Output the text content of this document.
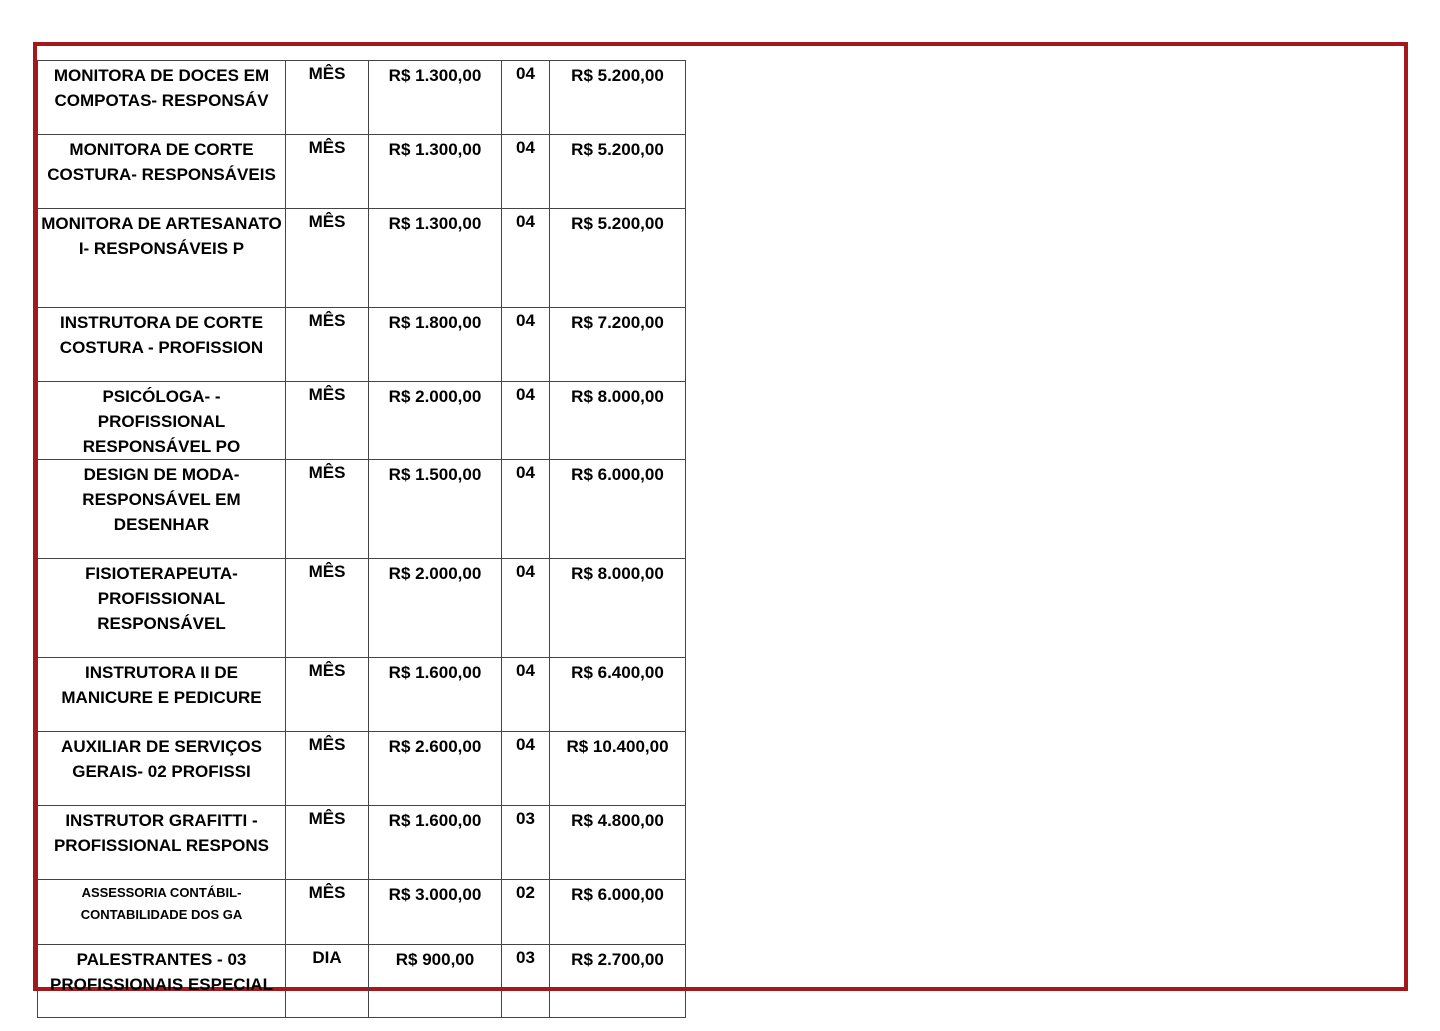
MONITORA DE DOCES EM COMPOTAS- RESPONSÁV	MÊS	R$ 1.300,00	04	R$ 5.200,00
MONITORA DE CORTE COSTURA- RESPONSÁVEIS	MÊS	R$ 1.300,00	04	R$ 5.200,00
MONITORA DE ARTESANATO I- RESPONSÁVEIS P	MÊS	R$ 1.300,00	04	R$ 5.200,00
INSTRUTORA DE CORTE COSTURA - PROFISSION	MÊS	R$ 1.800,00	04	R$ 7.200,00
PSICÓLOGA- - PROFISSIONAL RESPONSÁVEL PO	MÊS	R$ 2.000,00	04	R$ 8.000,00
DESIGN DE MODA- RESPONSÁVEL EM DESENHAR	MÊS	R$ 1.500,00	04	R$ 6.000,00
FISIOTERAPEUTA- PROFISSIONAL RESPONSÁVEL	MÊS	R$ 2.000,00	04	R$ 8.000,00
INSTRUTORA II DE MANICURE E PEDICURE	MÊS	R$ 1.600,00	04	R$ 6.400,00
AUXILIAR DE SERVIÇOS GERAIS- 02 PROFISSI	MÊS	R$ 2.600,00	04	R$ 10.400,00
INSTRUTOR GRAFITTI - PROFISSIONAL RESPONS	MÊS	R$ 1.600,00	03	R$ 4.800,00
ASSESSORIA CONTÁBIL- CONTABILIDADE DOS GA	MÊS	R$ 3.000,00	02	R$ 6.000,00
PALESTRANTES - 03 PROFISSIONAIS ESPECIAL	DIA	R$ 900,00	03	R$ 2.700,00
